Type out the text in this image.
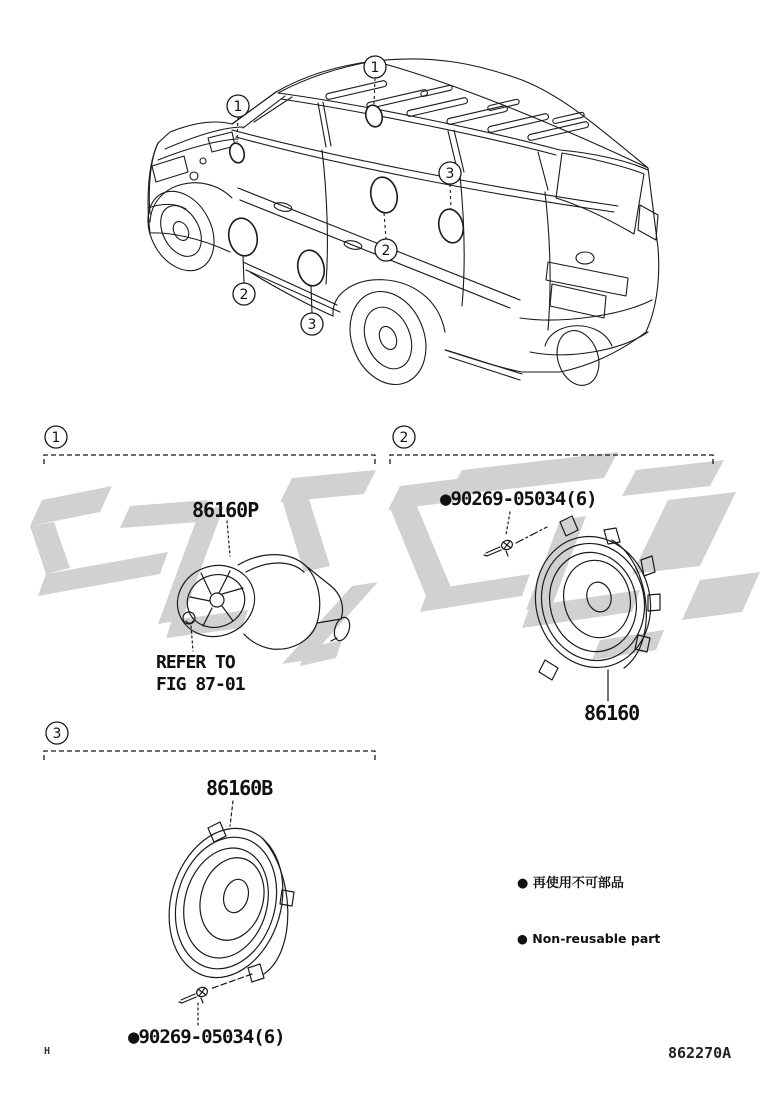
1
1
2
2
3
3
1	2
3
86160P	●90269-05034(6)
86160
86160B
REFER TO
FIG 87-01
●90269-05034(6)

● 再使用不可部品

● Non-reusable part

862270A
H
